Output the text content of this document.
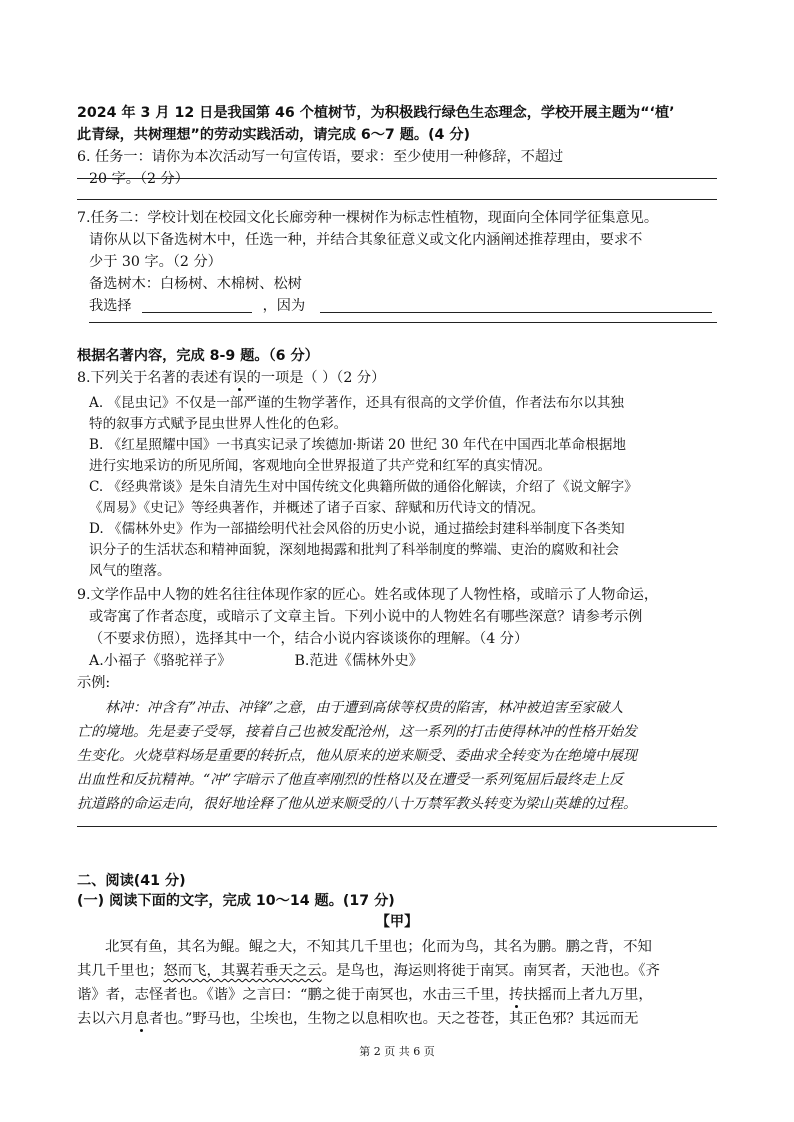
2024 年 3 月 12 日是我国第 46 个植树节，为积极践行绿色生态理念，学校开展主题为“‘植’
此青绿，共树理想”的劳动实践活动，请完成 6～7 题。(4 分)
6. 任务一：请你为本次活动写一句宣传语，要求：至少使用一种修辞，不超过
20 字。（2 分）
7.任务二：学校计划在校园文化长廊旁种一棵树作为标志性植物，现面向全体同学征集意见。
请你从以下备选树木中，任选一种，并结合其象征意义或文化内涵阐述推荐理由，要求不
少于 30 字。（2 分）
备选树木：白杨树、木棉树、松树
我选择	，因为
根据名著内容，完成 8-9 题。（6 分）
8.下列关于名著的表述有误的一项是（ ）（2 分）
A. 《昆虫记》不仅是一部严谨的生物学著作，还具有很高的文学价值，作者法布尔以其独
特的叙事方式赋予昆虫世界人性化的色彩。
B. 《红星照耀中国》一书真实记录了埃德加·斯诺 20 世纪 30 年代在中国西北革命根据地
进行实地采访的所见所闻，客观地向全世界报道了共产党和红军的真实情况。
C. 《经典常谈》是朱自清先生对中国传统文化典籍所做的通俗化解读，介绍了《说文解字》
《周易》《史记》等经典著作，并概述了诸子百家、辞赋和历代诗文的情况。
D. 《儒林外史》作为一部描绘明代社会风俗的历史小说，通过描绘封建科举制度下各类知
识分子的生活状态和精神面貌，深刻地揭露和批判了科举制度的弊端、吏治的腐败和社会
风气的堕落。
9.文学作品中人物的姓名往往体现作家的匠心。姓名或体现了人物性格，或暗示了人物命运，
或寄寓了作者态度，或暗示了文章主旨。下列小说中的人物姓名有哪些深意？请参考示例
（不要求仿照），选择其中一个，结合小说内容谈谈你的理解。（4 分）
A.小福子《骆驼祥子》	B.范进《儒林外史》
示例:
林冲：冲含有”冲击、冲锋”之意，由于遭到高俅等权贵的陷害，林冲被迫害至家破人
亡的境地。先是妻子受辱，接着自己也被发配沧州，这一系列的打击使得林冲的性格开始发
生变化。火烧草料场是重要的转折点，他从原来的逆来顺受、委曲求全转变为在绝境中展现
出血性和反抗精神。“冲”字暗示了他直率刚烈的性格以及在遭受一系列冤屈后最终走上反
抗道路的命运走向，很好地诠释了他从逆来顺受的八十万禁军教头转变为梁山英雄的过程。
二、阅读(41 分)
(一) 阅读下面的文字，完成 10～14 题。(17 分)
【甲】
北冥有鱼，其名为鲲。鲲之大，不知其几千里也；化而为鸟，其名为鹏。鹏之背，不知
其几千里也；怒而飞，其翼若垂天之云。是鸟也，海运则将徙于南冥。南冥者，天池也。《齐
谐》者，志怪者也。《谐》之言曰：“鹏之徙于南冥也，水击三千里，抟扶摇而上者九万里，
去以六月息者也。”野马也，尘埃也，生物之以息相吹也。天之苍苍，其正色邪？其远而无
第 2 页 共 6 页
